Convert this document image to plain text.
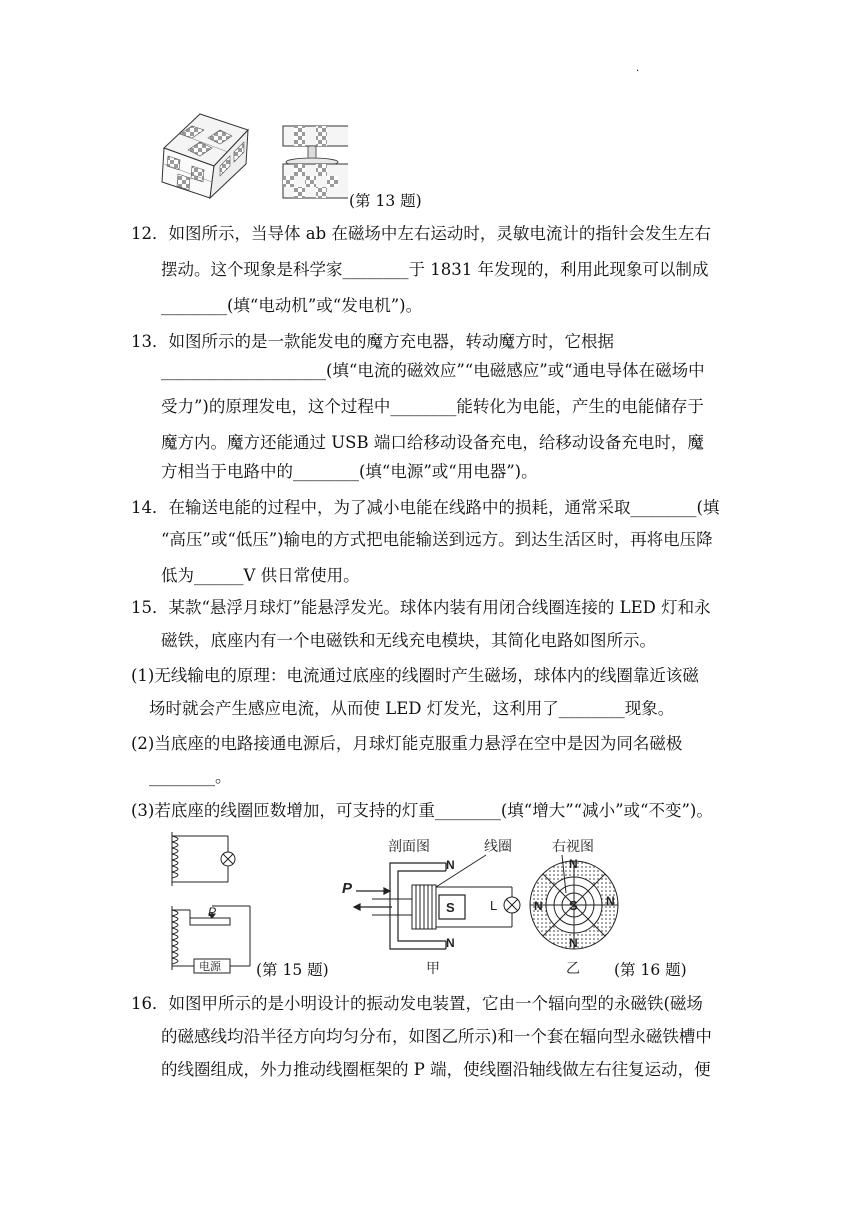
·
(第 13 题)
12．如图所示，当导体 ab 在磁场中左右运动时，灵敏电流计的指针会发生左右
摆动。这个现象是科学家________于 1831 年发现的，利用此现象可以制成
________(填“电动机”或“发电机”)。
13．如图所示的是一款能发电的魔方充电器，转动魔方时，它根据
____________________(填“电流的磁效应”“电磁感应”或“通电导体在磁场中
受力”)的原理发电，这个过程中________能转化为电能，产生的电能储存于
魔方内。魔方还能通过 USB 端口给移动设备充电，给移动设备充电时，魔
方相当于电路中的________(填“电源”或“用电器”)。
14．在输送电能的过程中，为了减小电能在线路中的损耗，通常采取________(填
“高压”或“低压”)输电的方式把电能输送到远方。到达生活区时，再将电压降
低为______V 供日常使用。
15．某款“悬浮月球灯”能悬浮发光。球体内装有用闭合线圈连接的 LED 灯和永
磁铁，底座内有一个电磁铁和无线充电模块，其简化电路如图所示。
(1)无线输电的原理：电流通过底座的线圈时产生磁场，球体内的线圈靠近该磁
场时就会产生感应电流，从而使 LED 灯发光，这利用了________现象。
(2)当底座的电路接通电源后，月球灯能克服重力悬浮在空中是因为同名磁极
________。
(3)若底座的线圈匝数增加，可支持的灯重________(填“增大”“减小”或“不变”)。
P
电源 (第 15 题)
剖面图	线圈	右视图
P
N
N
S	L
甲
N
N	N
N
S
乙 (第 16 题)
16．如图甲所示的是小明设计的振动发电装置，它由一个辐向型的永磁铁(磁场
的磁感线均沿半径方向均匀分布，如图乙所示)和一个套在辐向型永磁铁槽中
的线圈组成，外力推动线圈框架的 P 端，使线圈沿轴线做左右往复运动，便
